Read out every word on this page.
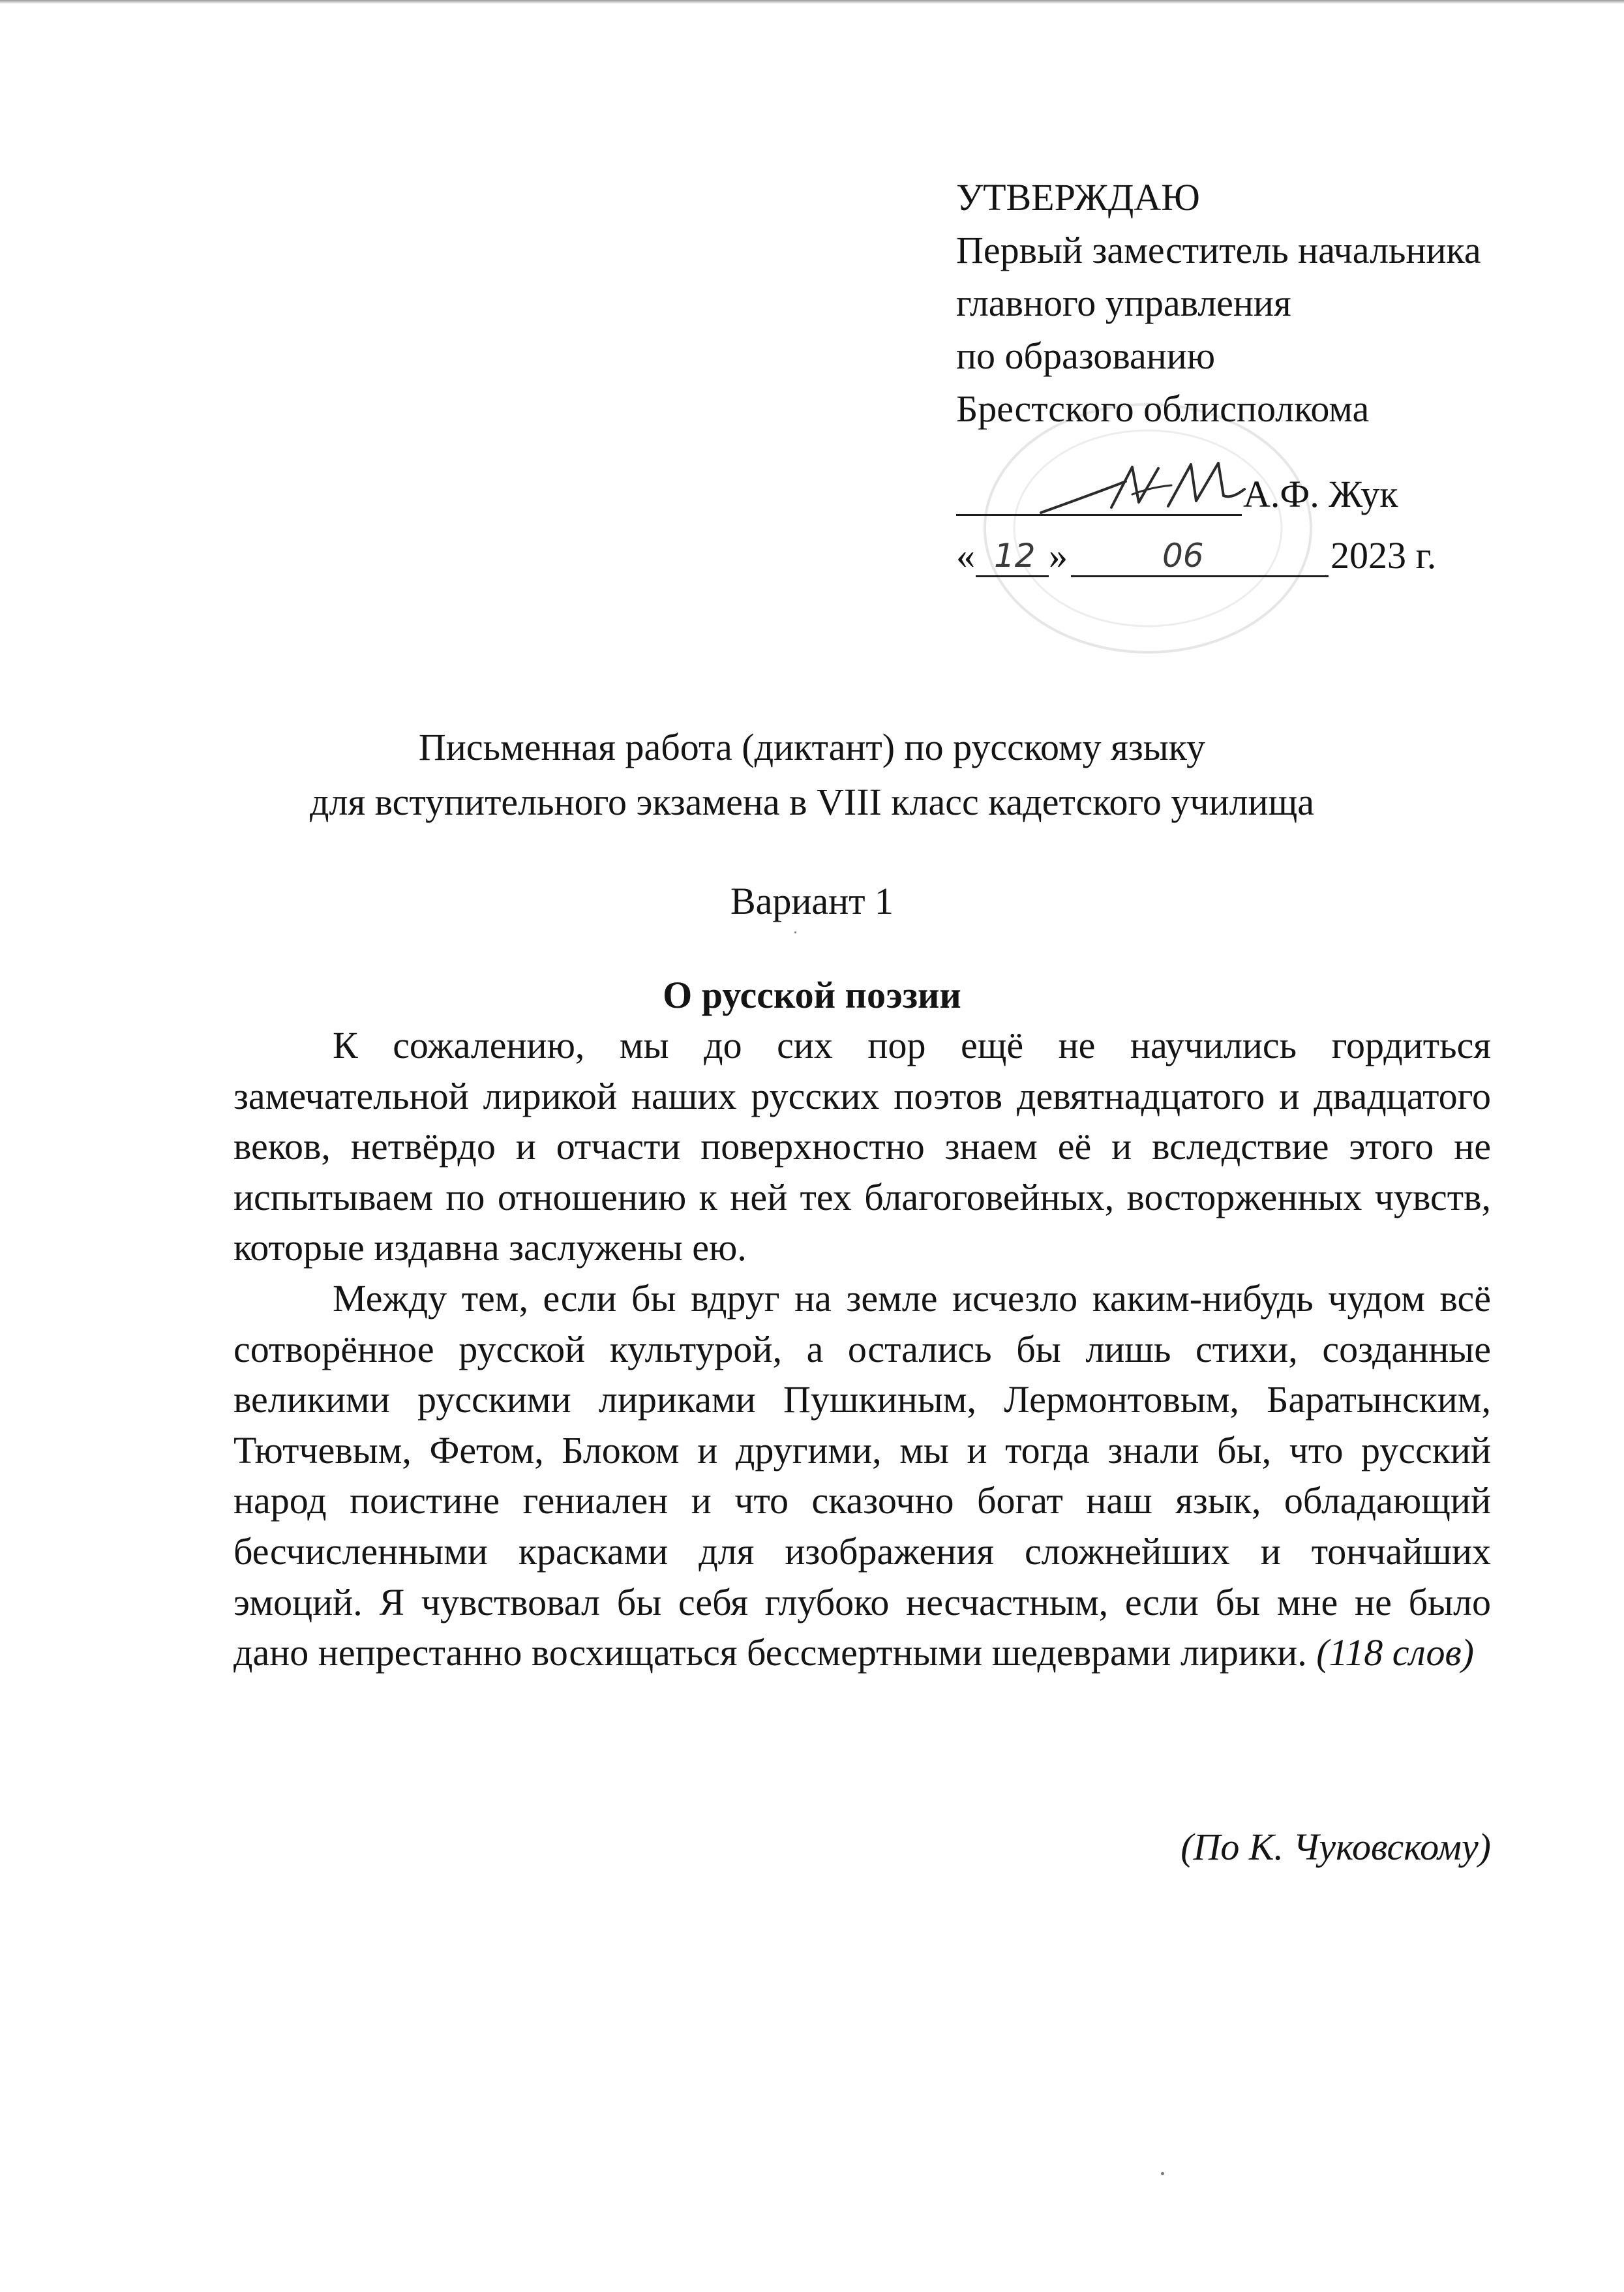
УТВЕРЖДАЮ
Первый заместитель начальника
главного управления
по образованию
Брестского облисполкома
А.Ф. Жук
« 12 »	06	2023 г.
Письменная работа (диктант) по русскому языку
для вступительного экзамена в VIII класс кадетского училища
Вариант 1
О русской поэзии

К сожалению, мы до сих пор ещё не научились гордиться замечательной лирикой наших русских поэтов девятнадцатого и двадцатого веков, нетвёрдо и отчасти поверхностно знаем её и вследствие этого не испытываем по отношению к ней тех благоговейных, восторженных чувств, которые издавна заслужены ею.

Между тем, если бы вдруг на земле исчезло каким-нибудь чудом всё сотворённое русской культурой, а остались бы лишь стихи, созданные великими русскими лириками Пушкиным, Лермонтовым, Баратынским, Тютчевым, Фетом, Блоком и другими, мы и тогда знали бы, что русский народ поистине гениален и что сказочно богат наш язык, обладающий бесчисленными красками для изображения сложнейших и тончайших эмоций. Я чувствовал бы себя глубоко несчастным, если бы мне не было дано непрестанно восхищаться бессмертными шедеврами лирики. (118 слов)

(По К. Чуковскому)
